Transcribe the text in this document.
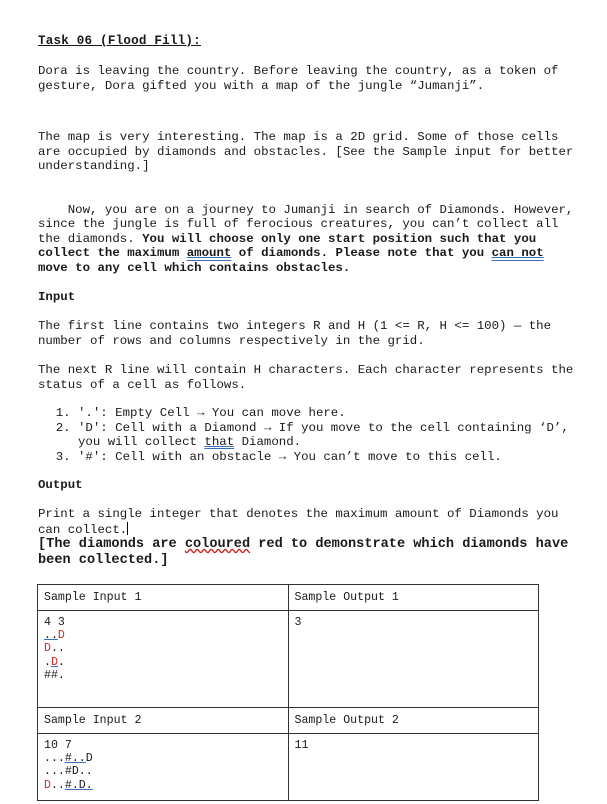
Task 06 (Flood Fill):
Dora is leaving the country. Before leaving the country, as a token of gesture, Dora gifted you with a map of the jungle “Jumanji”.
The map is very interesting. The map is a 2D grid. Some of those cells are occupied by diamonds and obstacles. [See the Sample input for better understanding.]

Now, you are on a journey to Jumanji in search of Diamonds. However, since the jungle is full of ferocious creatures, you can’t collect all the diamonds. You will choose only one start position such that you collect the maximum amount of diamonds. Please note that you can not move to any cell which contains obstacles.

Input
The first line contains two integers R and H (1 <= R, H <= 100) — the number of rows and columns respectively in the grid.
The next R line will contain H characters. Each character represents the status of a cell as follows.
1. '.': Empty Cell → You can move here.
2. 'D': Cell with a Diamond → If you move to the cell containing ‘D’, you will collect that Diamond.
3. '#': Cell with an obstacle → You can’t move to this cell.
Output
Print a single integer that denotes the maximum amount of Diamonds you can collect.
[The diamonds are coloured red to demonstrate which diamonds have been collected.]
Sample Input 1	Sample Output 1

4 3
..D
D..
.D.
##.	3
Sample Input 2	Sample Output 2

10 7
...#..D
...#D..
D..#.D.	11
